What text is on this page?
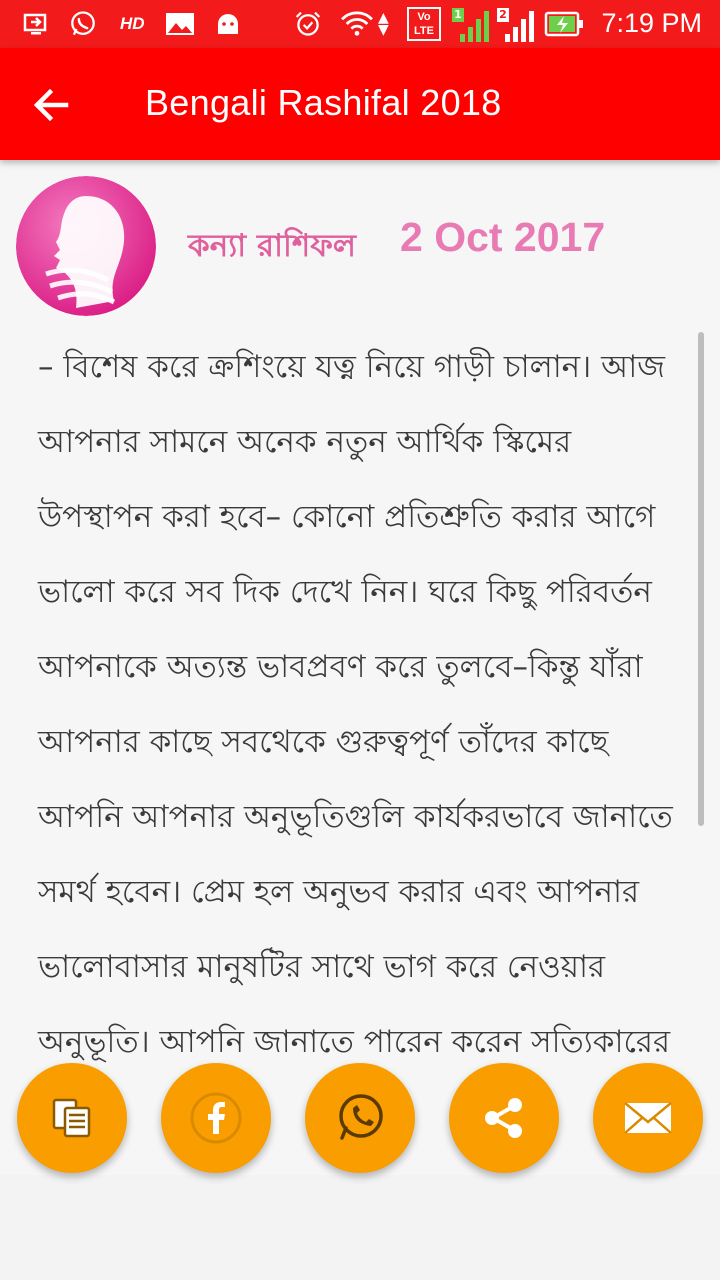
HD	▲
▼
Vo LTE
1	2	7:19 PM
Bengali Rashifal 2018
কন্যা রাশিফল 2 Oct 2017

– বিশেষ করে ক্রশিংয়ে যত্ন নিয়ে গাড়ী চালান। আজ আপনার সামনে অনেক নতুন আর্থিক স্কিমের উপস্থাপন করা হবে– কোনো প্রতিশ্রুতি করার আগে ভালো করে সব দিক দেখে নিন। ঘরে কিছু পরিবর্তন আপনাকে অত্যন্ত ভাবপ্রবণ করে তুলবে–কিন্তু যাঁরা আপনার কাছে সবথেকে গুরুত্বপূর্ণ তাঁদের কাছে আপনি আপনার অনুভূতিগুলি কার্যকরভাবে জানাতে সমর্থ হবেন। প্রেম হল অনুভব করার এবং আপনার ভালোবাসার মানুষটির সাথে ভাগ করে নেওয়ার অনুভূতি। আপনি জানাতে পারেন করেন সত্যিকারের
